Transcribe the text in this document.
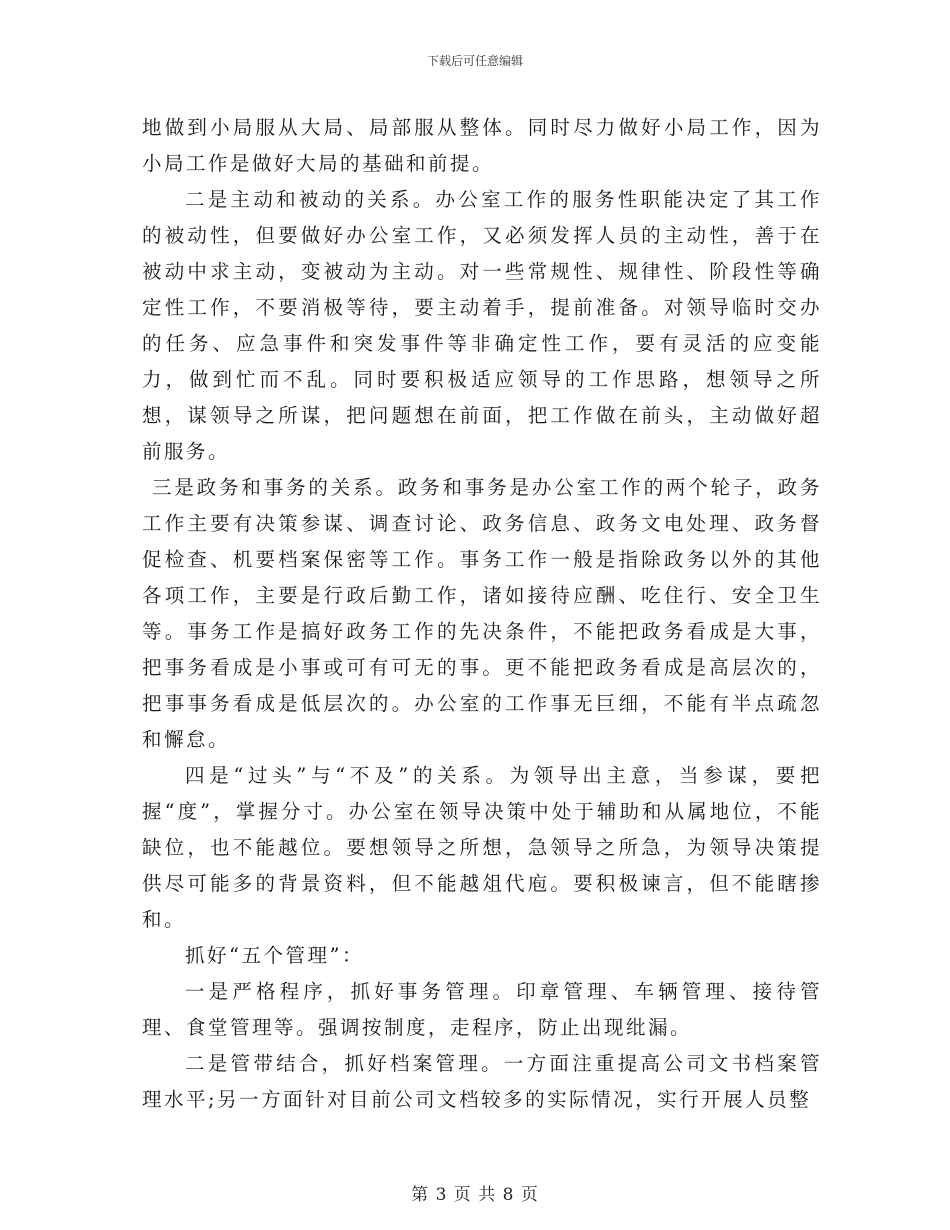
下载后可任意编辑

地做到小局服从大局、局部服从整体。同时尽力做好小局工作，因为小局工作是做好大局的基础和前提。

二是主动和被动的关系。办公室工作的服务性职能决定了其工作的被动性，但要做好办公室工作，又必须发挥人员的主动性，善于在被动中求主动，变被动为主动。对一些常规性、规律性、阶段性等确定性工作，不要消极等待，要主动着手，提前准备。对领导临时交办的任务、应急事件和突发事件等非确定性工作，要有灵活的应变能力，做到忙而不乱。同时要积极适应领导的工作思路，想领导之所想，谋领导之所谋，把问题想在前面，把工作做在前头，主动做好超前服务。

三是政务和事务的关系。政务和事务是办公室工作的两个轮子，政务工作主要有决策参谋、调查讨论、政务信息、政务文电处理、政务督促检查、机要档案保密等工作。事务工作一般是指除政务以外的其他各项工作，主要是行政后勤工作，诸如接待应酬、吃住行、安全卫生等。事务工作是搞好政务工作的先决条件，不能把政务看成是大事，把事务看成是小事或可有可无的事。更不能把政务看成是高层次的，把事事务看成是低层次的。办公室的工作事无巨细，不能有半点疏忽和懈怠。

四是“过头”与“不及”的关系。为领导出主意，当参谋，要把握“度”，掌握分寸。办公室在领导决策中处于辅助和从属地位，不能缺位，也不能越位。要想领导之所想，急领导之所急，为领导决策提供尽可能多的背景资料，但不能越俎代庖。要积极谏言，但不能瞎掺和。

抓好“五个管理”：

一是严格程序，抓好事务管理。印章管理、车辆管理、接待管理、食堂管理等。强调按制度，走程序，防止出现纰漏。

二是管带结合，抓好档案管理。一方面注重提高公司文书档案管理水平;另一方面针对目前公司文档较多的实际情况，实行开展人员整

第 3 页 共 8 页
